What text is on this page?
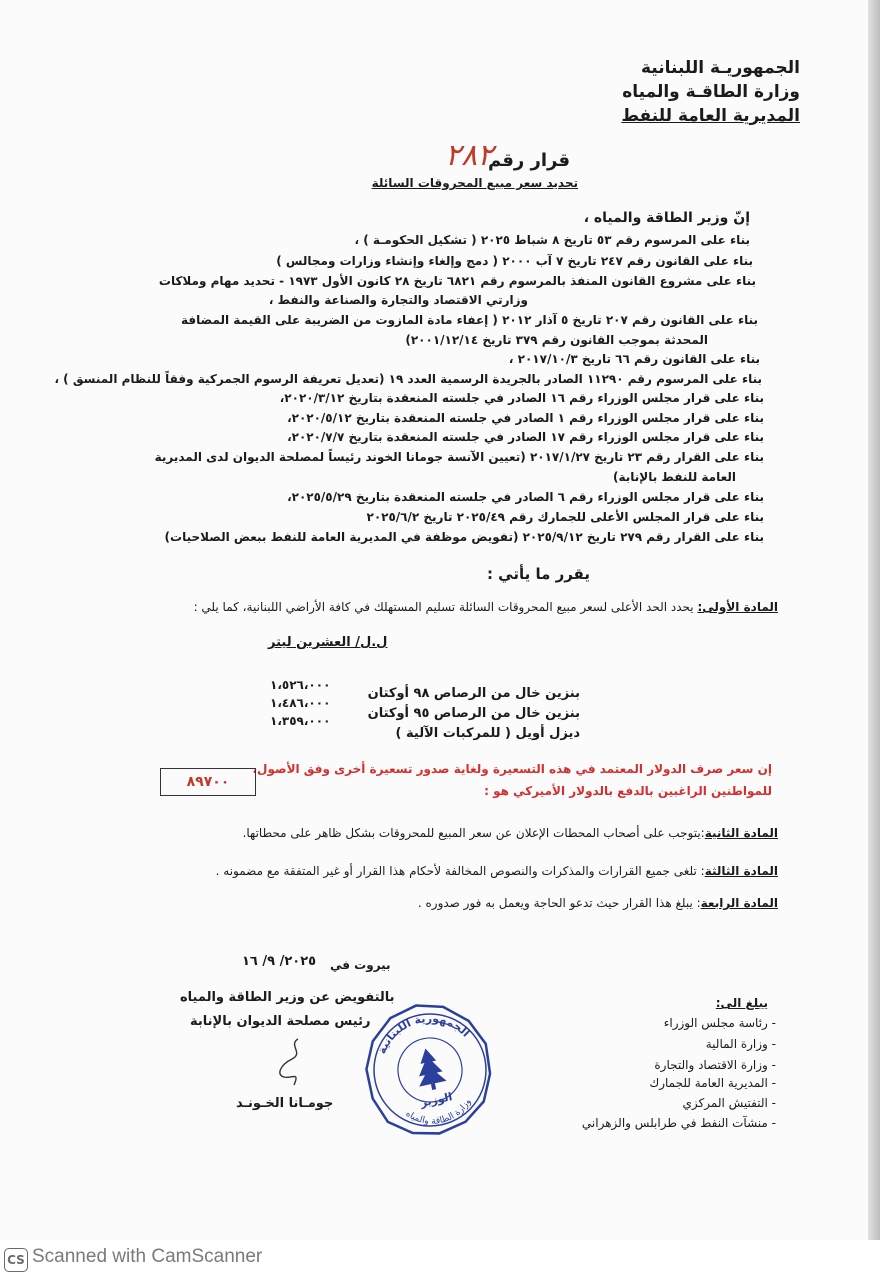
الجمهوريـة اللبنانية
وزارة الطاقـة والمياه
المديرية العامة للنفط
قرار رقم
٢٨٢
تحديد سعر مبيع المحروقات السائلة
إنّ وزير الطاقة والمياه ،
بناء على المرسوم رقم ٥٣ تاريخ ٨ شباط ٢٠٢٥ ( تشكيل الحكومـة ) ،
بناء على القانون رقم ٢٤٧ تاريخ ٧ آب ٢٠٠٠ ( دمج وإلغاء وإنشاء وزارات ومجالس )
بناء على مشروع القانون المنفذ بالمرسوم رقم ٦٨٢١ تاريخ ٢٨ كانون الأول ١٩٧٣ - تحديد مهام وملاكات
وزارتي الاقتصاد والتجارة والصناعة والنفط ،
بناء على القانون رقم ٢٠٧ تاريخ ٥ آذار ٢٠١٢ ( إعفاء مادة المازوت من الضريبة على القيمة المضافة
المحدثة بموجب القانون رقم ٣٧٩ تاريخ ٢٠٠١/١٢/١٤)
بناء على القانون رقم ٦٦ تاريخ ٢٠١٧/١٠/٣ ،
بناء على المرسوم رقم ١١٢٩٠ الصادر بالجريدة الرسمية العدد ١٩ (تعديل تعريفة الرسوم الجمركية وفقاً للنظام المنسق ) ،
بناء على قرار مجلس الوزراء رقم ١٦ الصادر في جلسته المنعقدة بتاريخ ٢٠٢٠/٣/١٢،
بناء على قرار مجلس الوزراء رقم ١ الصادر في جلسته المنعقدة بتاريخ ٢٠٢٠/٥/١٢،
بناء على قرار مجلس الوزراء رقم ١٧ الصادر في جلسته المنعقدة بتاريخ ٢٠٢٠/٧/٧،
بناء على القرار رقم ٢٣ تاريخ ٢٠١٧/١/٢٧ (تعيين الآنسة جومانا الخوند رئيساً لمصلحة الديوان لدى المديرية
العامة للنفط بالإنابة)
بناء على قرار مجلس الوزراء رقم ٦ الصادر في جلسته المنعقدة بتاريخ ٢٠٢٥/٥/٢٩،
بناء على قرار المجلس الأعلى للجمارك رقم ٢٠٢٥/٤٩ تاريخ ٢٠٢٥/٦/٢
بناء على القرار رقم ٢٧٩ تاريخ ٢٠٢٥/٩/١٢ (تفويض موظفة في المديرية العامة للنفط ببعض الصلاحيات)
يقرر ما يأتي :
المادة الأولى: يحدد الحد الأعلى لسعر مبيع المحروقات السائلة تسليم المستهلك في كافة الأراضي اللبنانية، كما يلي :
ل.ل/ العشرين ليتر
١،٥٢٦،٠٠٠
١،٤٨٦،٠٠٠
١،٣٥٩،٠٠٠
بنزين خال من الرصاص ٩٨ أوكتان
بنزين خال من الرصاص ٩٥ أوكتان
ديزل أويل ( للمركبات الآلية )
إن سعر صرف الدولار المعتمد في هذه التسعيرة ولغاية صدور تسعيرة أخرى وفق الأصول،
للمواطنين الراغبين بالدفع بالدولار الأميركي هو :
٨٩٧٠٠
المادة الثانية:يتوجب على أصحاب المحطات الإعلان عن سعر المبيع للمحروقات بشكل ظاهر على محطاتها.
المادة الثالثة: تلغى جميع القرارات والمذكرات والنصوص المخالفة لأحكام هذا القرار أو غير المتفقة مع مضمونه .
المادة الرابعة: يبلغ هذا القرار حيث تدعو الحاجة ويعمل به فور صدوره .
بيروت في
٢٠٢٥/ ٩/ ١٦
بالتفويض عن وزير الطاقة والمياه
رئيس مصلحة الديوان بالإنابة
جومـانا الخـونـد
الجمهورية اللبنانية
وزارة الطاقة والمياه
الوزير
يبلغ الى:
- رئاسة مجلس الوزراء
- وزارة المالية
- وزارة الاقتصاد والتجارة
- المديرية العامة للجمارك
- التفتيش المركزي
- منشآت النفط في طرابلس والزهراني
CS Scanned with CamScanner
